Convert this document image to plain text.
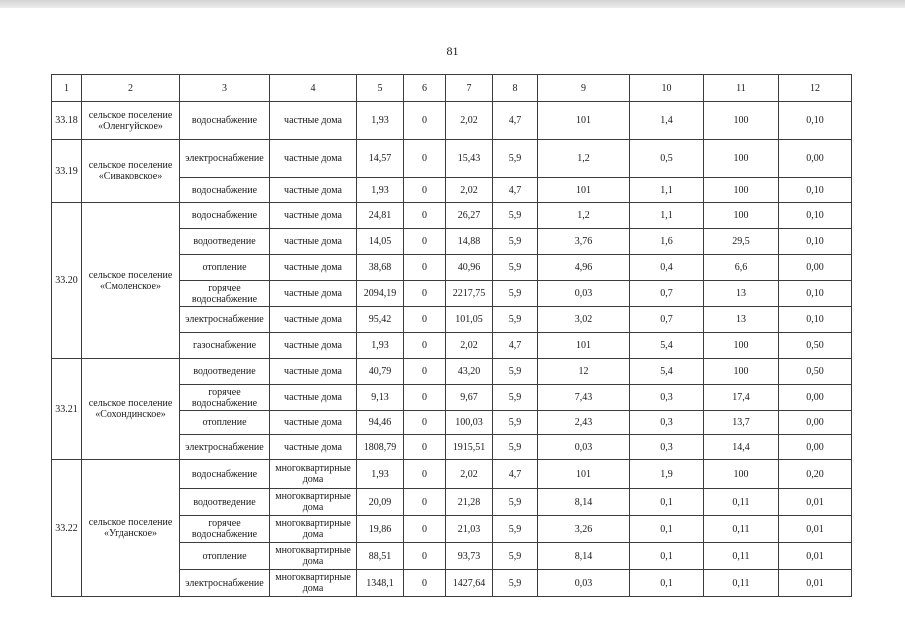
81
1	2	3	4	5	6	7	8	9	10	11	12
33.18	сельское поселение «Оленгуйское»	водоснабжение	частные дома	1,93	0	2,02	4,7	101	1,4	100	0,10
33.19	сельское поселение «Сиваковское»	электроснабжение	частные дома	14,57	0	15,43	5,9	1,2	0,5	100	0,00
		водоснабжение	частные дома	1,93	0	2,02	4,7	101	1,1	100	0,10
33.20	сельское поселение «Смоленское»	водоснабжение	частные дома	24,81	0	26,27	5,9	1,2	1,1	100	0,10
		водоотведение	частные дома	14,05	0	14,88	5,9	3,76	1,6	29,5	0,10
		отопление	частные дома	38,68	0	40,96	5,9	4,96	0,4	6,6	0,00
		горячее водоснабжение	частные дома	2094,19	0	2217,75	5,9	0,03	0,7	13	0,10
		электроснабжение	частные дома	95,42	0	101,05	5,9	3,02	0,7	13	0,10
		газоснабжение	частные дома	1,93	0	2,02	4,7	101	5,4	100	0,50
33.21	сельское поселение «Сохондинское»	водоотведение	частные дома	40,79	0	43,20	5,9	12	5,4	100	0,50
		горячее водоснабжение	частные дома	9,13	0	9,67	5,9	7,43	0,3	17,4	0,00
		отопление	частные дома	94,46	0	100,03	5,9	2,43	0,3	13,7	0,00
		электроснабжение	частные дома	1808,79	0	1915,51	5,9	0,03	0,3	14,4	0,00
33.22	сельское поселение «Угданское»	водоснабжение	многоквартирные дома	1,93	0	2,02	4,7	101	1,9	100	0,20
		водоотведение	многоквартирные дома	20,09	0	21,28	5,9	8,14	0,1	0,11	0,01
		горячее водоснабжение	многоквартирные дома	19,86	0	21,03	5,9	3,26	0,1	0,11	0,01
		отопление	многоквартирные дома	88,51	0	93,73	5,9	8,14	0,1	0,11	0,01
		электроснабжение	многоквартирные дома	1348,1	0	1427,64	5,9	0,03	0,1	0,11	0,01
